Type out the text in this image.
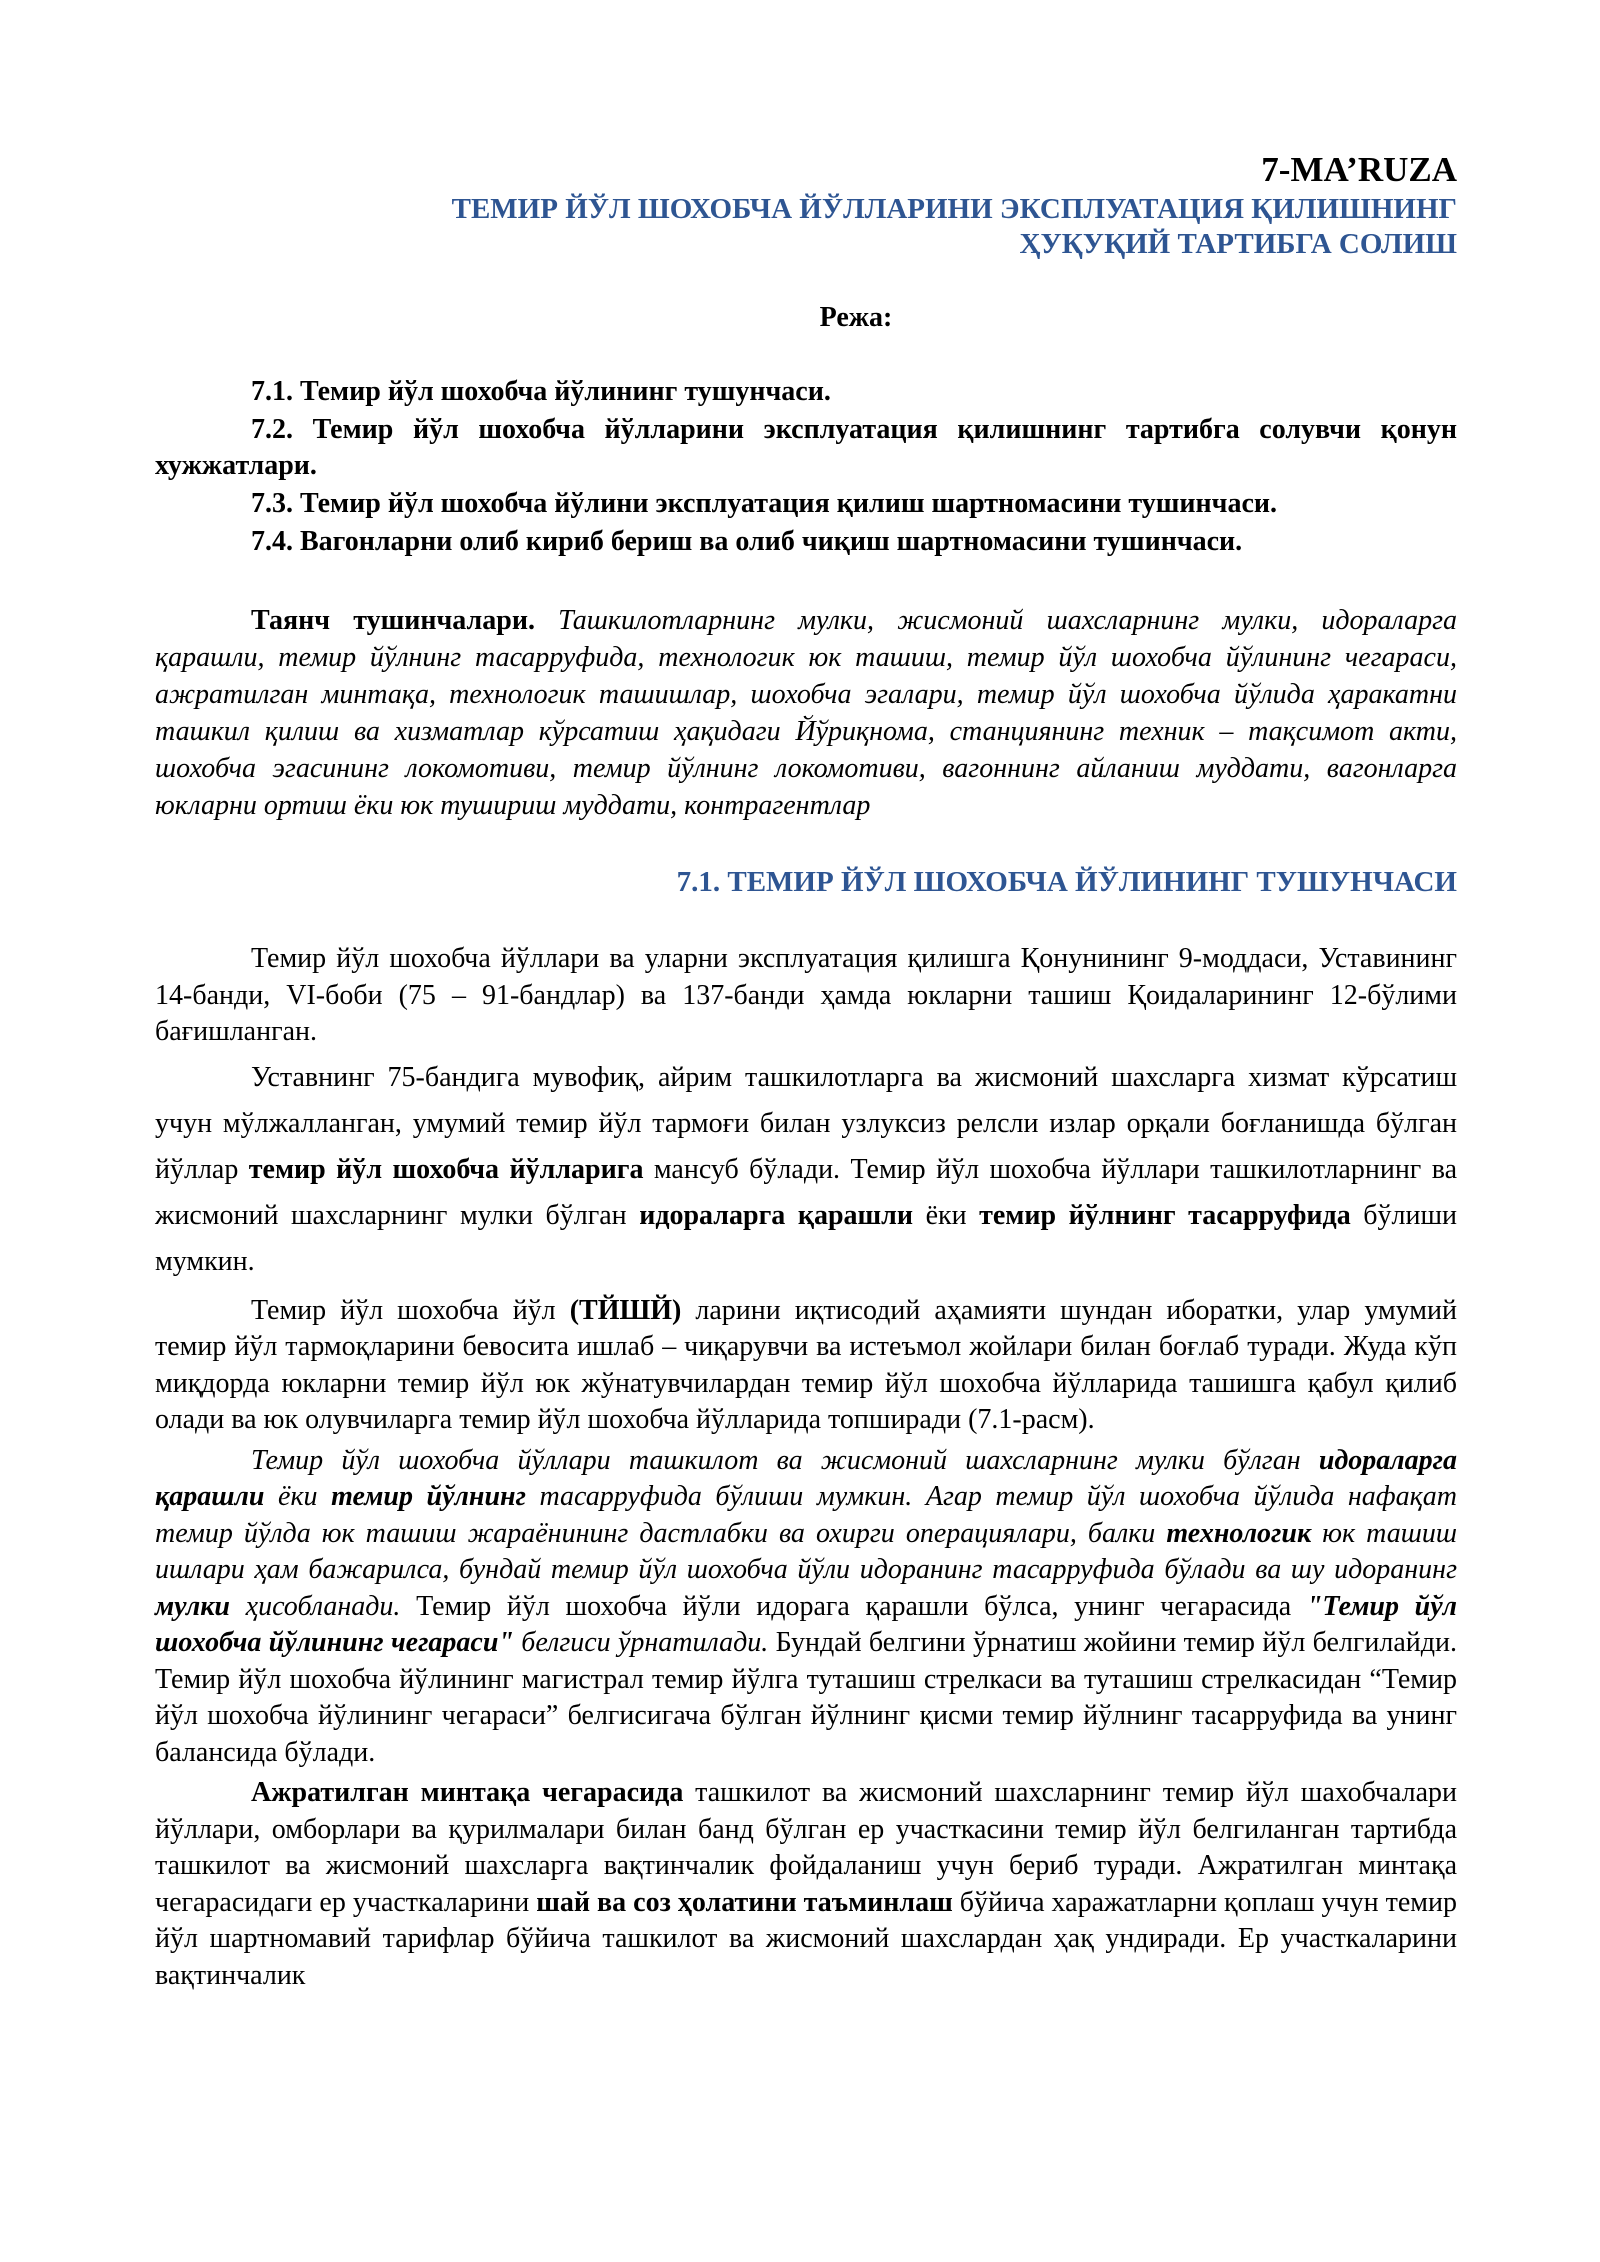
7-MA’RUZA
ТЕМИР ЙЎЛ ШОХОБЧА ЙЎЛЛАРИНИ ЭКСПЛУАТАЦИЯ ҚИЛИШНИНГ
ҲУҚУҚИЙ ТАРТИБГА СОЛИШ
Режа:

7.1. Темир йўл шохобча йўлининг тушунчаси.

7.2. Темир йўл шохобча йўлларини эксплуатация қилишнинг тартибга солувчи қонун хужжатлари.

7.3. Темир йўл шохобча йўлини эксплуатация қилиш шартномасини тушинчаси.

7.4. Вагонларни олиб кириб бериш ва олиб чиқиш шартномасини тушинчаси.

Таянч тушинчалари. Ташкилотларнинг мулки, жисмоний шахсларнинг мулки, идораларга қарашли, темир йўлнинг тасарруфида, технологик юк ташиш, темир йўл шохобча йўлининг чегараси, ажратилган минтақа, технологик ташишлар, шохобча эгалари, темир йўл шохобча йўлида ҳаракатни ташкил қилиш ва хизматлар кўрсатиш ҳақидаги Йўриқнома, станциянинг техник – тақсимот акти, шохобча эгасининг локомотиви, темир йўлнинг локомотиви, вагоннинг айланиш муддати, вагонларга юкларни ортиш ёки юк тушириш муддати, контрагентлар

7.1. ТЕМИР ЙЎЛ ШОХОБЧА ЙЎЛИНИНГ ТУШУНЧАСИ

Темир йўл шохобча йўллари ва уларни эксплуатация қилишга Қонунининг 9-моддаси, Уставининг 14-банди, VI-боби (75 – 91-бандлар) ва 137-банди ҳамда юкларни ташиш Қоидаларининг 12-бўлими бағишланган.

Уставнинг 75-бандига мувофиқ, айрим ташкилотларга ва жисмоний шахсларга хизмат кўрсатиш учун мўлжалланган, умумий темир йўл тармоғи билан узлуксиз релсли излар орқали боғланишда бўлган йўллар темир йўл шохобча йўлларига мансуб бўлади. Темир йўл шохобча йўллари ташкилотларнинг ва жисмоний шахсларнинг мулки бўлган идораларга қарашли ёки темир йўлнинг тасарруфида бўлиши мумкин.

Темир йўл шохобча йўл (ТЙШЙ) ларини иқтисодий аҳамияти шундан иборатки, улар умумий темир йўл тармоқларини бевосита ишлаб – чиқарувчи ва истеъмол жойлари билан боғлаб туради. Жуда кўп миқдорда юкларни темир йўл юк жўнатувчилардан темир йўл шохобча йўлларида ташишга қабул қилиб олади ва юк олувчиларга темир йўл шохобча йўлларида топширади (7.1-расм).

Темир йўл шохобча йўллари ташкилот ва жисмоний шахсларнинг мулки бўлган идораларга қарашли ёки темир йўлнинг тасарруфида бўлиши мумкин. Агар темир йўл шохобча йўлида нафақат темир йўлда юк ташиш жараёнининг дастлабки ва охирги операциялари, балки технологик юк ташиш ишлари ҳам бажарилса, бундай темир йўл шохобча йўли идоранинг тасарруфида бўлади ва шу идоранинг мулки ҳисобланади. Темир йўл шохобча йўли идорага қарашли бўлса, унинг чегарасида "Темир йўл шохобча йўлининг чегараси" белгиси ўрнатилади. Бундай белгини ўрнатиш жойини темир йўл белгилайди. Темир йўл шохобча йўлининг магистрал темир йўлга туташиш стрелкаси ва туташиш стрелкасидан “Темир йўл шохобча йўлининг чегараси” белгисигача бўлган йўлнинг қисми темир йўлнинг тасарруфида ва унинг балансида бўлади.

Ажратилган минтақа чегарасида ташкилот ва жисмоний шахсларнинг темир йўл шахобчалари йўллари, омборлари ва қурилмалари билан банд бўлган ер участкасини темир йўл белгиланган тартибда ташкилот ва жисмоний шахсларга вақтинчалик фойдаланиш учун бериб туради. Ажратилган минтақа чегарасидаги ер участкаларини шай ва соз ҳолатини таъминлаш бўйича харажатларни қоплаш учун темир йўл шартномавий тарифлар бўйича ташкилот ва жисмоний шахслардан ҳақ ундиради. Ер участкаларини вақтинчалик
